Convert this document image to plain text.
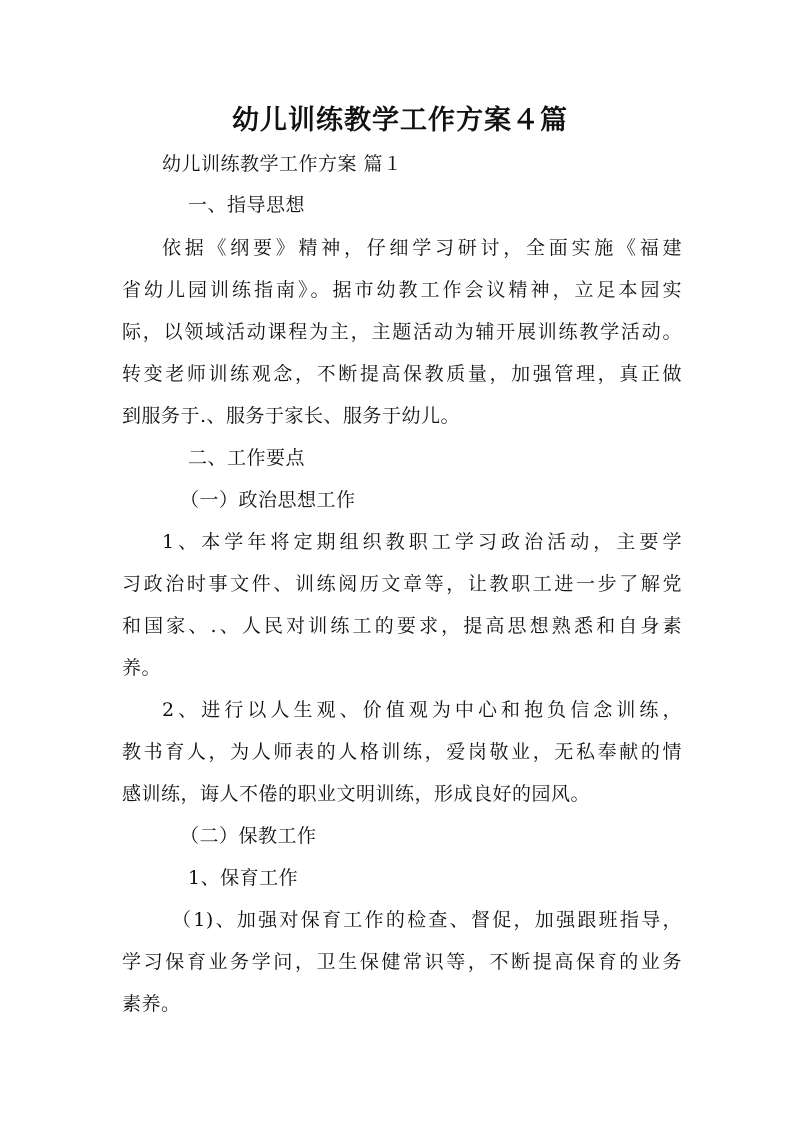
幼儿训练教学工作方案４篇
幼儿训练教学工作方案 篇１
一、指导思想
依据《纲要》精神，仔细学习研讨，全面实施《福建
省幼儿园训练指南》。据市幼教工作会议精神，立足本园实
际，以领域活动课程为主，主题活动为辅开展训练教学活动。
转变老师训练观念，不断提高保教质量，加强管理，真正做
到服务于.、服务于家长、服务于幼儿。
二、工作要点
（一）政治思想工作
1、本学年将定期组织教职工学习政治活动，主要学
习政治时事文件、训练阅历文章等，让教职工进一步了解党
和国家、.、人民对训练工的要求，提高思想熟悉和自身素
养。
2、进行以人生观、价值观为中心和抱负信念训练，
教书育人，为人师表的人格训练，爱岗敬业，无私奉献的情
感训练，诲人不倦的职业文明训练，形成良好的园风。
（二）保教工作
1、保育工作
（1)、加强对保育工作的检查、督促，加强跟班指导，
学习保育业务学问，卫生保健常识等，不断提高保育的业务
素养。
